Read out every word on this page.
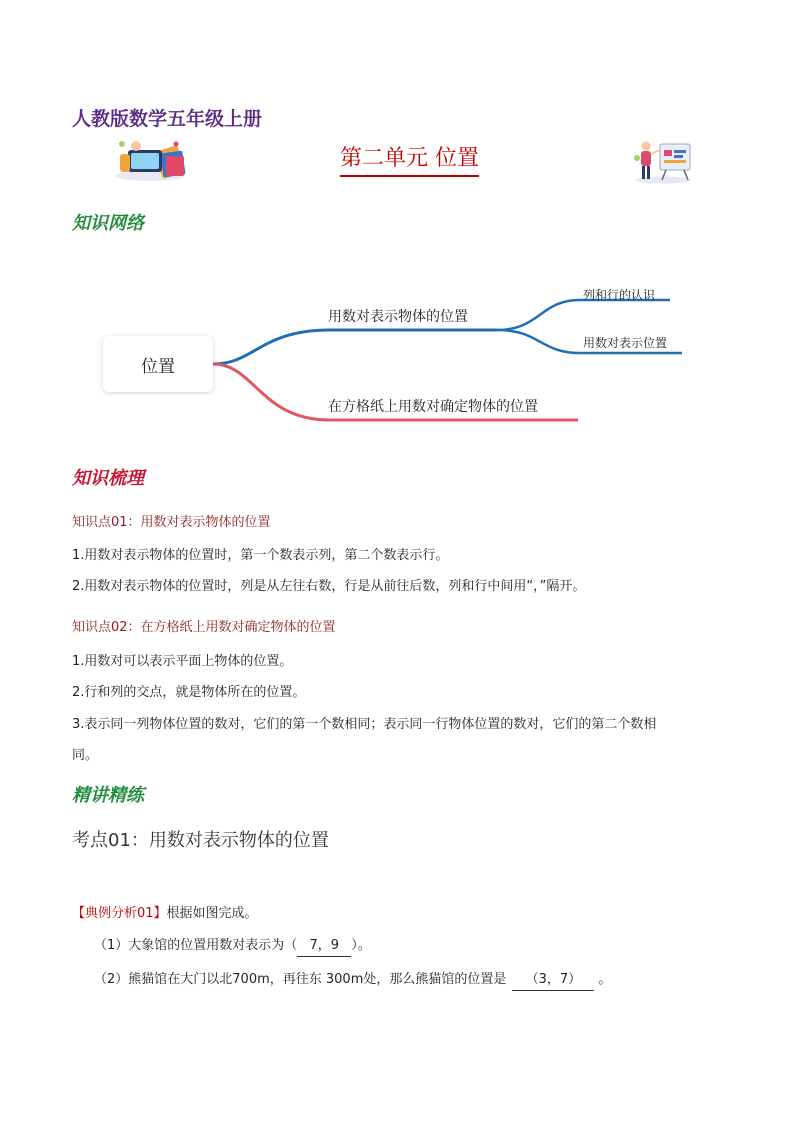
人教版数学五年级上册
第二单元 位置
知识网络
位置
用数对表示物体的位置
列和行的认识
用数对表示位置
在方格纸上用数对确定物体的位置
知识梳理
知识点01：用数对表示物体的位置
1.用数对表示物体的位置时，第一个数表示列，第二个数表示行。
2.用数对表示物体的位置时，列是从左往右数，行是从前往后数，列和行中间用“，”隔开。
知识点02：在方格纸上用数对确定物体的位置
1.用数对可以表示平面上物体的位置。
2.行和列的交点，就是物体所在的位置。
3.表示同一列物体位置的数对，它们的第一个数相同；表示同一行物体位置的数对，它们的第二个数相
同。
精讲精练
考点01：用数对表示物体的位置
【典例分析01】根据如图完成。
（1）大象馆的位置用数对表示为（ 7，9 ）。
（2）熊猫馆在大门以北700m，再往东 300m处，那么熊猫馆的位置是 （3，7） 。
